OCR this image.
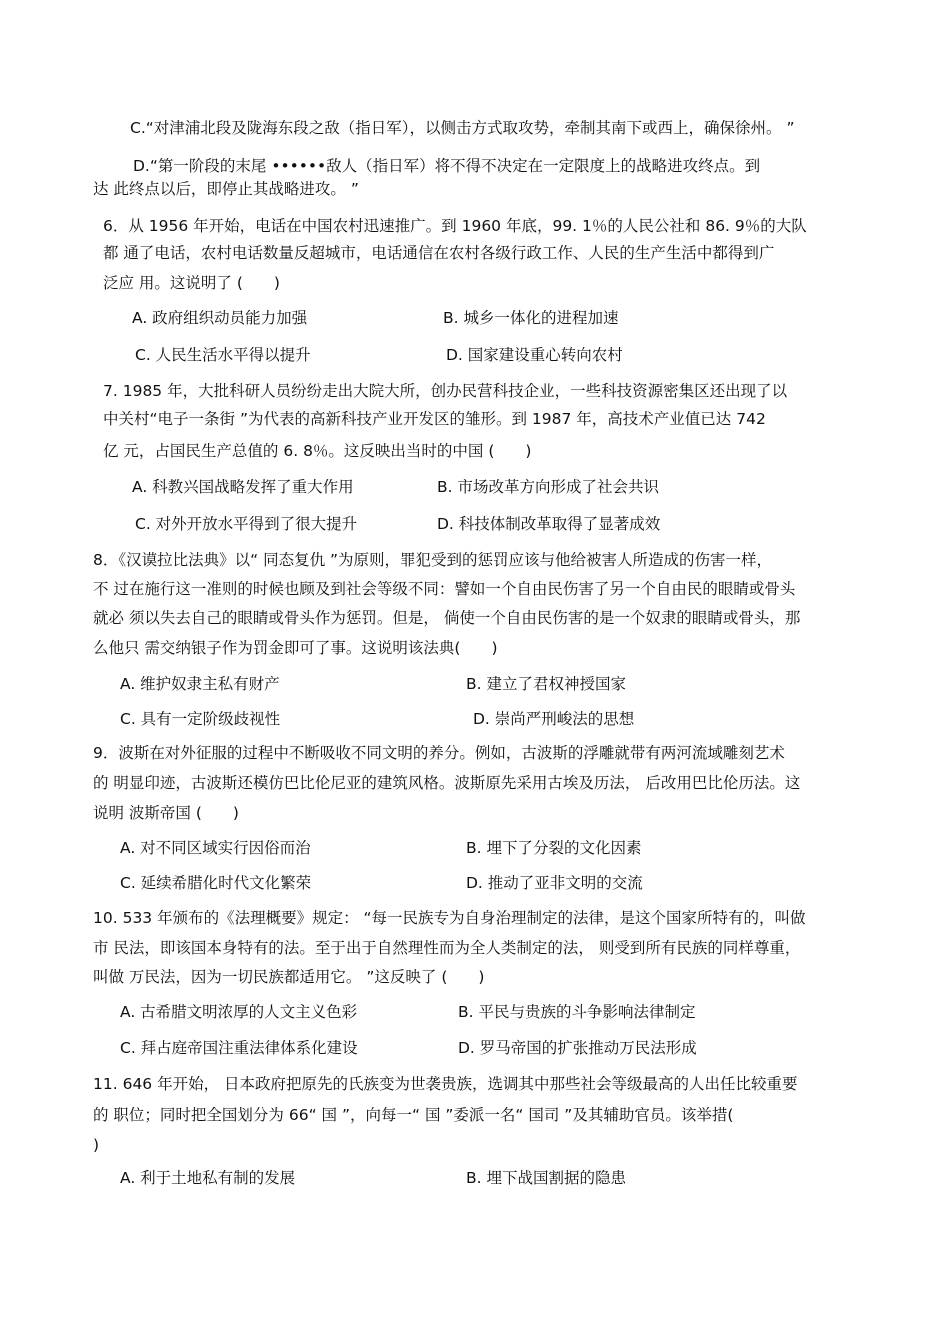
C.“对津浦北段及陇海东段之敌（指日军），以侧击方式取攻势，牵制其南下或西上，确保徐州。 ”
D.“第一阶段的末尾 ••••••敌人（指日军）将不得不决定在一定限度上的战略进攻终点。到
达 此终点以后，即停止其战略进攻。 ”
6．从 1956 年开始，电话在中国农村迅速推广。到 1960 年底，99. 1％的人民公社和 86. 9％的大队
都 通了电话，农村电话数量反超城市，电话通信在农村各级行政工作、人民的生产生活中都得到广
泛应 用。这说明了 (　　)
A. 政府组织动员能力加强	B. 城乡一体化的进程加速
C. 人民生活水平得以提升	D. 国家建设重心转向农村
7. 1985 年，大批科研人员纷纷走出大院大所，创办民营科技企业，一些科技资源密集区还出现了以
中关村“电子一条街 ”为代表的高新科技产业开发区的雏形。到 1987 年，高技术产业值已达 742
亿 元，占国民生产总值的 6. 8％。这反映出当时的中国 (　　)
A. 科教兴国战略发挥了重大作用	B. 市场改革方向形成了社会共识
C. 对外开放水平得到了很大提升	D. 科技体制改革取得了显著成效
8．《汉谟拉比法典》以“ 同态复仇 ”为原则，罪犯受到的惩罚应该与他给被害人所造成的伤害一样，
不 过在施行这一准则的时候也顾及到社会等级不同：譬如一个自由民伤害了另一个自由民的眼睛或骨头
就必 须以失去自己的眼睛或骨头作为惩罚。但是， 倘使一个自由民伤害的是一个奴隶的眼睛或骨头，那
么他只 需交纳银子作为罚金即可了事。这说明该法典(　　)
A. 维护奴隶主私有财产	B. 建立了君权神授国家
C. 具有一定阶级歧视性	D. 崇尚严刑峻法的思想
9．波斯在对外征服的过程中不断吸收不同文明的养分。例如，古波斯的浮雕就带有两河流域雕刻艺术
的 明显印迹，古波斯还模仿巴比伦尼亚的建筑风格。波斯原先采用古埃及历法， 后改用巴比伦历法。这
说明 波斯帝国 (　　)
A. 对不同区域实行因俗而治	B. 埋下了分裂的文化因素
C. 延续希腊化时代文化繁荣	D. 推动了亚非文明的交流
10. 533 年颁布的《法理概要》规定： “每一民族专为自身治理制定的法律，是这个国家所特有的，叫做
市 民法，即该国本身特有的法。至于出于自然理性而为全人类制定的法， 则受到所有民族的同样尊重，
叫做 万民法，因为一切民族都适用它。 ”这反映了 (　　)
A. 古希腊文明浓厚的人文主义色彩	B. 平民与贵族的斗争影响法律制定
C. 拜占庭帝国注重法律体系化建设	D. 罗马帝国的扩张推动万民法形成
11. 646 年开始， 日本政府把原先的氏族变为世袭贵族，选调其中那些社会等级最高的人出任比较重要
的 职位；同时把全国划分为 66“ 国 ”，向每一“ 国 ”委派一名“ 国司 ”及其辅助官员。该举措(
)
A. 利于土地私有制的发展	B. 埋下战国割据的隐患
